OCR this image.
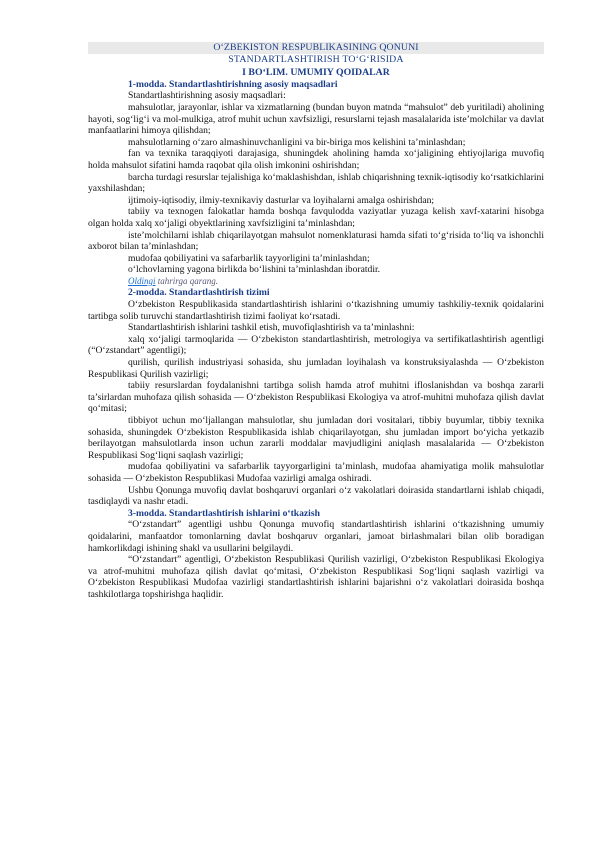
O‘ZBEKISTON RESPUBLIKASINING QONUNI
STANDARTLASHTIRISH TO‘G‘RISIDA
I BO‘LIM. UMUMIY QOIDALAR
1-modda. Standartlashtirishning asosiy maqsadlari

Standartlashtirishning asosiy maqsadlari:

mahsulotlar, jarayonlar, ishlar va xizmatlarning (bundan buyon matnda “mahsulot” deb yuritiladi) aholining hayoti, sog‘lig‘i va mol-mulkiga, atrof muhit uchun xavfsizligi, resurslarni tejash masalalarida iste’molchilar va davlat manfaatlarini himoya qilishdan;

mahsulotlarning o‘zaro almashinuvchanligini va bir-biriga mos kelishini ta’minlashdan;

fan va texnika taraqqiyoti darajasiga, shuningdek aholining hamda xo‘jaligining ehtiyojlariga muvofiq holda mahsulot sifatini hamda raqobat qila olish imkonini oshirishdan;

barcha turdagi resurslar tejalishiga ko‘maklashishdan, ishlab chiqarishning texnik-iqtisodiy ko‘rsatkichlarini yaxshilashdan;

ijtimoiy-iqtisodiy, ilmiy-texnikaviy dasturlar va loyihalarni amalga oshirishdan;

tabiiy va texnogen falokatlar hamda boshqa favqulodda vaziyatlar yuzaga kelish xavf-xatarini hisobga olgan holda xalq xo‘jaligi obyektlarining xavfsizligini ta’minlashdan;

iste’molchilarni ishlab chiqarilayotgan mahsulot nomenklaturasi hamda sifati to‘g‘risida to‘liq va ishonchli axborot bilan ta’minlashdan;

mudofaa qobiliyatini va safarbarlik tayyorligini ta’minlashdan;

o‘lchovlarning yagona birlikda bo‘lishini ta’minlashdan iboratdir.

Oldingi tahrirga qarang.
2-modda. Standartlashtirish tizimi

O‘zbekiston Respublikasida standartlashtirish ishlarini o‘tkazishning umumiy tashkiliy-texnik qoidalarini tartibga solib turuvchi standartlashtirish tizimi faoliyat ko‘rsatadi.

Standartlashtirish ishlarini tashkil etish, muvofiqlashtirish va ta’minlashni:

xalq xo‘jaligi tarmoqlarida — O‘zbekiston standartlashtirish, metrologiya va sertifikatlashtirish agentligi (“O‘zstandart” agentligi);

qurilish, qurilish industriyasi sohasida, shu jumladan loyihalash va konstruksiyalashda — O‘zbekiston Respublikasi Qurilish vazirligi;

tabiiy resurslardan foydalanishni tartibga solish hamda atrof muhitni ifloslanishdan va boshqa zararli ta’sirlardan muhofaza qilish sohasida — O‘zbekiston Respublikasi Ekologiya va atrof-muhitni muhofaza qilish davlat qo‘mitasi;

tibbiyot uchun mo‘ljallangan mahsulotlar, shu jumladan dori vositalari, tibbiy buyumlar, tibbiy texnika sohasida, shuningdek O‘zbekiston Respublikasida ishlab chiqarilayotgan, shu jumladan import bo‘yicha yetkazib berilayotgan mahsulotlarda inson uchun zararli moddalar mavjudligini aniqlash masalalarida — O‘zbekiston Respublikasi Sog‘liqni saqlash vazirligi;

mudofaa qobiliyatini va safarbarlik tayyorgarligini ta’minlash, mudofaa ahamiyatiga molik mahsulotlar sohasida — O‘zbekiston Respublikasi Mudofaa vazirligi amalga oshiradi.

Ushbu Qonunga muvofiq davlat boshqaruvi organlari o‘z vakolatlari doirasida standartlarni ishlab chiqadi, tasdiqlaydi va nashr etadi.

3-modda. Standartlashtirish ishlarini o‘tkazish

“O‘zstandart” agentligi ushbu Qonunga muvofiq standartlashtirish ishlarini o‘tkazishning umumiy qoidalarini, manfaatdor tomonlarning davlat boshqaruv organlari, jamoat birlashmalari bilan olib boradigan hamkorlikdagi ishining shakl va usullarini belgilaydi.

“O‘zstandart” agentligi, O‘zbekiston Respublikasi Qurilish vazirligi, O‘zbekiston Respublikasi Ekologiya va atrof-muhitni muhofaza qilish davlat qo‘mitasi, O‘zbekiston Respublikasi Sog‘liqni saqlash vazirligi va O‘zbekiston Respublikasi Mudofaa vazirligi standartlashtirish ishlarini bajarishni o‘z vakolatlari doirasida boshqa tashkilotlarga topshirishga haqlidir.
